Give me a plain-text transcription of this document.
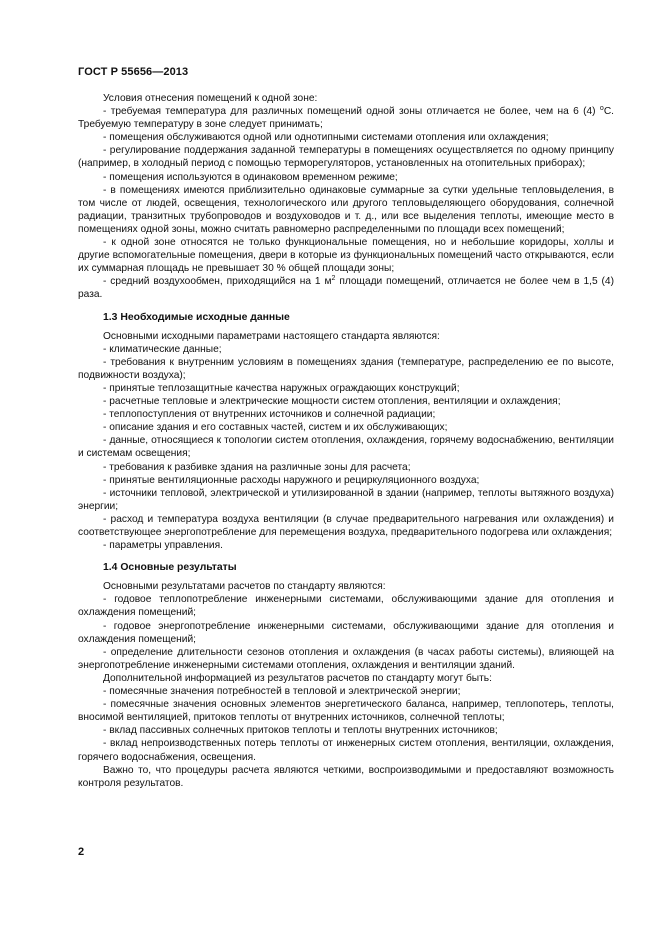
ГОСТ Р 55656—2013

Условия отнесения помещений к одной зоне:

- требуемая температура для различных помещений одной зоны отличается не более, чем на 6 (4) $^o$С. Требуемую температуру в зоне следует принимать;

- помещения обслуживаются одной или однотипными системами отопления или охлаждения;

- регулирование поддержания заданной температуры в помещениях осуществляется по одному принципу (например, в холодный период с помощью терморегуляторов, установленных на отопительных приборах);

- помещения используются в одинаковом временном режиме;

- в помещениях имеются приблизительно одинаковые суммарные за сутки удельные тепловыделения, в том числе от людей, освещения, технологического или другого тепловыделяющего оборудования, солнечной радиации, транзитных трубопроводов и воздуховодов и т. д., или все выделения теплоты, имеющие место в помещениях одной зоны, можно считать равномерно распределенными по площади всех помещений;

- к одной зоне относятся не только функциональные помещения, но и небольшие коридоры, холлы и другие вспомогательные помещения, двери в которые из функциональных помещений часто открываются, если их суммарная площадь не превышает 30 % общей площади зоны;

- средний воздухообмен, приходящийся на 1 $м^2$ площади помещений, отличается не более чем в 1,5 (4) раза.

1.3 Необходимые исходные данные

Основными исходными параметрами настоящего стандарта являются:

- климатические данные;

- требования к внутренним условиям в помещениях здания (температуре, распределению ее по высоте, подвижности воздуха);

- принятые теплозащитные качества наружных ограждающих конструкций;

- расчетные тепловые и электрические мощности систем отопления, вентиляции и охлаждения;

- теплопоступления от внутренних источников и солнечной радиации;

- описание здания и его составных частей, систем и их обслуживающих;

- данные, относящиеся к топологии систем отопления, охлаждения, горячему водоснабжению, вентиляции и системам освещения;

- требования к разбивке здания на различные зоны для расчета;

- принятые вентиляционные расходы наружного и рециркуляционного воздуха;

- источники тепловой, электрической и утилизированной в здании (например, теплоты вытяжного воздуха) энергии;

- расход и температура воздуха вентиляции (в случае предварительного нагревания или охлаждения) и соответствующее энергопотребление для перемещения воздуха, предварительного подогрева или охлаждения;

- параметры управления.

1.4 Основные результаты

Основными результатами расчетов по стандарту являются:

- годовое теплопотребление инженерными системами, обслуживающими здание для отопления и охлаждения помещений;

- годовое энергопотребление инженерными системами, обслуживающими здание для отопления и охлаждения помещений;

- определение длительности сезонов отопления и охлаждения (в часах работы системы), влияющей на энергопотребление инженерными системами отопления, охлаждения и вентиляции зданий.

Дополнительной информацией из результатов расчетов по стандарту могут быть:

- помесячные значения потребностей в тепловой и электрической энергии;

- помесячные значения основных элементов энергетического баланса, например, теплопотерь, теплоты, вносимой вентиляцией, притоков теплоты от внутренних источников, солнечной теплоты;

- вклад пассивных солнечных притоков теплоты и теплоты внутренних источников;

- вклад непроизводственных потерь теплоты от инженерных систем отопления, вентиляции, охлаждения, горячего водоснабжения, освещения.

Важно то, что процедуры расчета являются четкими, воспроизводимыми и предоставляют возможность контроля результатов.

2
